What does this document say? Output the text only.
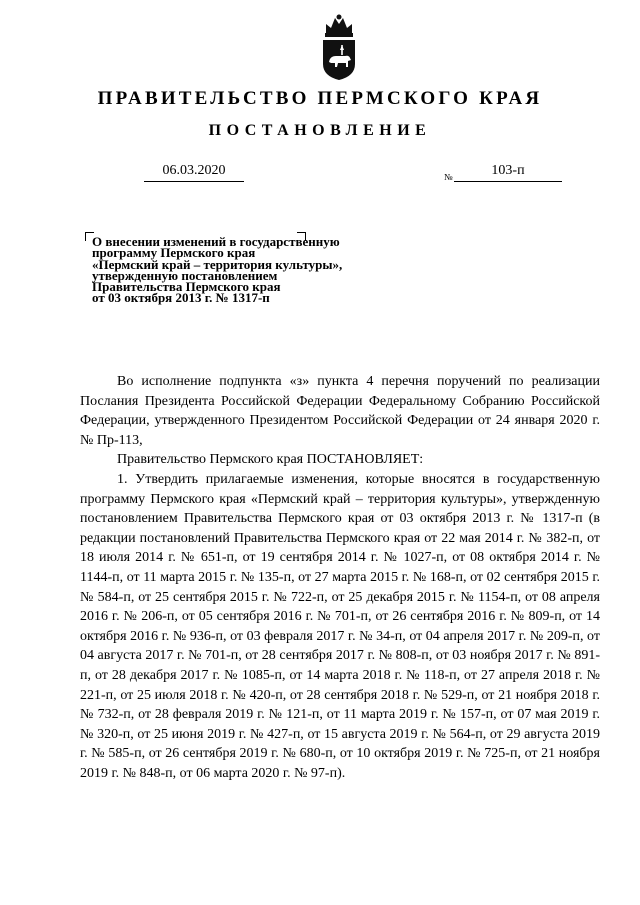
ПРАВИТЕЛЬСТВО ПЕРМСКОГО КРАЯ
ПОСТАНОВЛЕНИЕ
06.03.2020	№	103-п
О внесении изменений в государственную
программу Пермского края
«Пермский край – территория культуры»,
утвержденную постановлением
Правительства Пермского края
от 03 октября 2013 г. № 1317-п

Во исполнение подпункта «з» пункта 4 перечня поручений по реализации Послания Президента Российской Федерации Федеральному Собранию Российской Федерации, утвержденного Президентом Российской Федерации от 24 января 2020 г. № Пр-113,

Правительство Пермского края ПОСТАНОВЛЯЕТ:

1. Утвердить прилагаемые изменения, которые вносятся в государственную программу Пермского края «Пермский край – территория культуры», утвержденную постановлением Правительства Пермского края от 03 октября 2013 г. № 1317-п (в редакции постановлений Правительства Пермского края от 22 мая 2014 г. № 382-п, от 18 июля 2014 г. № 651-п, от 19 сентября 2014 г. № 1027-п, от 08 октября 2014 г. № 1144-п, от 11 марта 2015 г. № 135-п, от 27 марта 2015 г. № 168-п, от 02 сентября 2015 г. № 584-п, от 25 сентября 2015 г. № 722-п, от 25 декабря 2015 г. № 1154-п, от 08 апреля 2016 г. № 206-п, от 05 сентября 2016 г. № 701-п, от 26 сентября 2016 г. № 809-п, от 14 октября 2016 г. № 936-п, от 03 февраля 2017 г. № 34-п, от 04 апреля 2017 г. № 209-п, от 04 августа 2017 г. № 701-п, от 28 сентября 2017 г. № 808-п, от 03 ноября 2017 г. № 891-п, от 28 декабря 2017 г. № 1085-п, от 14 марта 2018 г. № 118-п, от 27 апреля 2018 г. № 221-п, от 25 июля 2018 г. № 420-п, от 28 сентября 2018 г. № 529-п, от 21 ноября 2018 г. № 732-п, от 28 февраля 2019 г. № 121-п, от 11 марта 2019 г. № 157-п, от 07 мая 2019 г. № 320-п, от 25 июня 2019 г. № 427-п, от 15 августа 2019 г. № 564-п, от 29 августа 2019 г. № 585-п, от 26 сентября 2019 г. № 680-п, от 10 октября 2019 г. № 725-п, от 21 ноября 2019 г. № 848-п, от 06 марта 2020 г. № 97-п).
